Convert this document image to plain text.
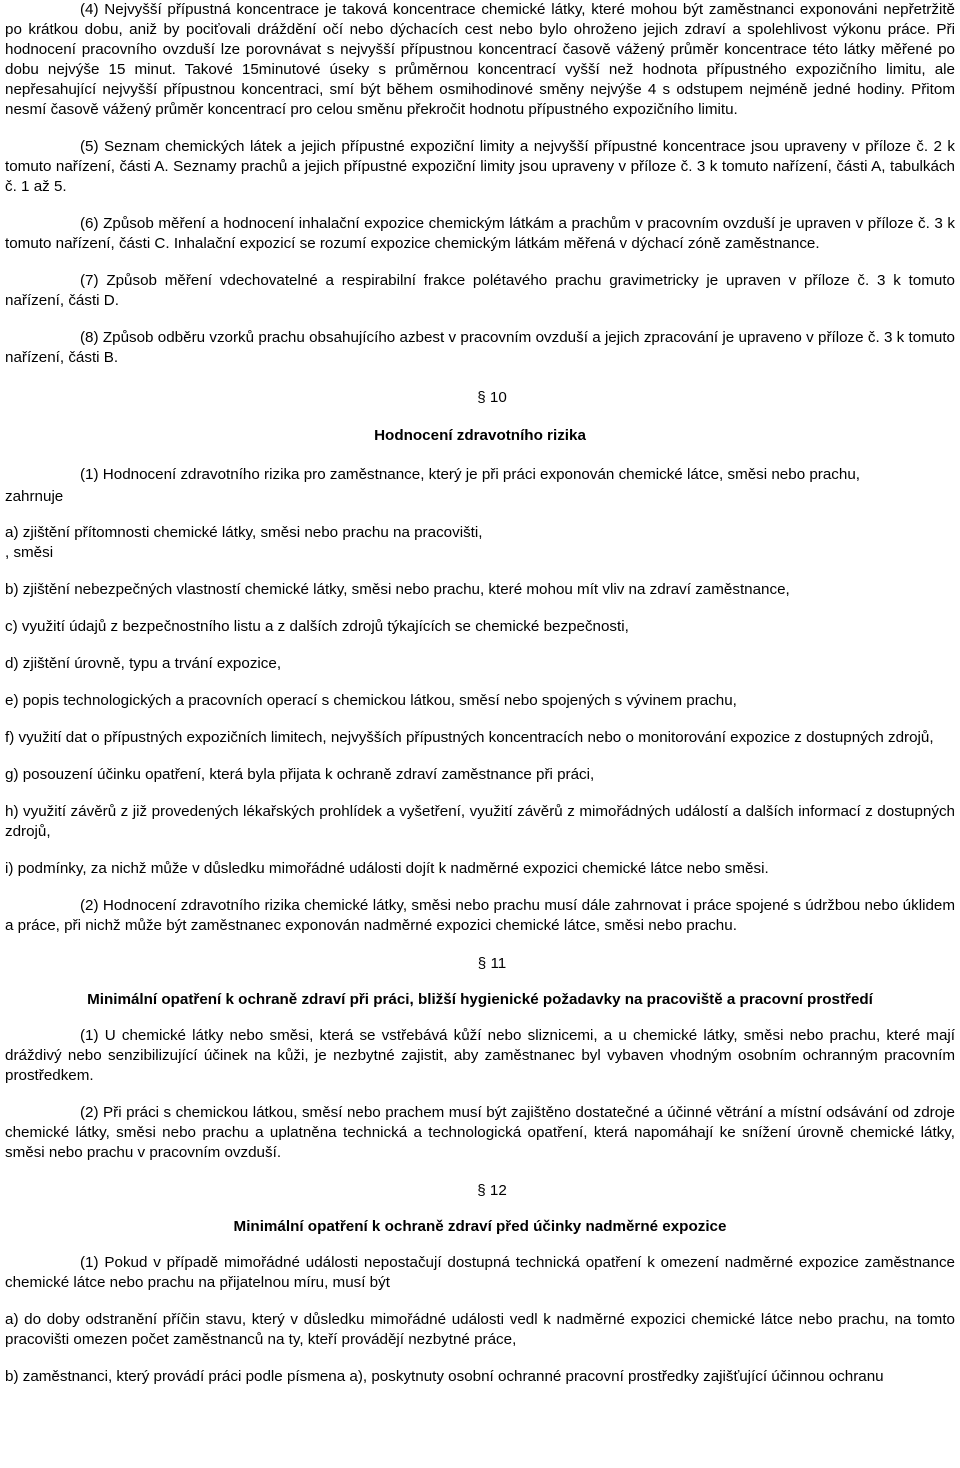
(4) Nejvyšší přípustná koncentrace je taková koncentrace chemické látky, které mohou být zaměstnanci exponováni nepřetržitě po krátkou dobu, aniž by pociťovali dráždění očí nebo dýchacích cest nebo bylo ohroženo jejich zdraví a spolehlivost výkonu práce. Při hodnocení pracovního ovzduší lze porovnávat s nejvyšší přípustnou koncentrací časově vážený průměr koncentrace této látky měřené po dobu nejvýše 15 minut. Takové 15minutové úseky s průměrnou koncentrací vyšší než hodnota přípustného expozičního limitu, ale nepřesahující nejvyšší přípustnou koncentraci, smí být během osmihodinové směny nejvýše 4 s odstupem nejméně jedné hodiny. Přitom nesmí časově vážený průměr koncentrací pro celou směnu překročit hodnotu přípustného expozičního limitu.

(5) Seznam chemických látek a jejich přípustné expoziční limity a nejvyšší přípustné koncentrace jsou upraveny v příloze č. 2 k tomuto nařízení, části A. Seznamy prachů a jejich přípustné expoziční limity jsou upraveny v příloze č. 3 k tomuto nařízení, části A, tabulkách č. 1 až 5.

(6) Způsob měření a hodnocení inhalační expozice chemickým látkám a prachům v pracovním ovzduší je upraven v příloze č. 3 k tomuto nařízení, části C. Inhalační expozicí se rozumí expozice chemickým látkám měřená v dýchací zóně zaměstnance.

(7) Způsob měření vdechovatelné a respirabilní frakce polétavého prachu gravimetricky je upraven v příloze č. 3 k tomuto nařízení, části D.

(8) Způsob odběru vzorků prachu obsahujícího azbest v pracovním ovzduší a jejich zpracování je upraveno v příloze č. 3 k tomuto nařízení, části B.

§ 10

Hodnocení zdravotního rizika

(1) Hodnocení zdravotního rizika pro zaměstnance, který je při práci exponován chemické látce, směsi nebo prachu,

zahrnuje

a) zjištění přítomnosti chemické látky, směsi nebo prachu na pracovišti,

, směsi

b) zjištění nebezpečných vlastností chemické látky, směsi nebo prachu, které mohou mít vliv na zdraví zaměstnance,

c) využití údajů z bezpečnostního listu a z dalších zdrojů týkajících se chemické bezpečnosti,

d) zjištění úrovně, typu a trvání expozice,

e) popis technologických a pracovních operací s chemickou látkou, směsí nebo spojených s vývinem prachu,

f) využití dat o přípustných expozičních limitech, nejvyšších přípustných koncentracích nebo o monitorování expozice z dostupných zdrojů,

g) posouzení účinku opatření, která byla přijata k ochraně zdraví zaměstnance při práci,

h) využití závěrů z již provedených lékařských prohlídek a vyšetření, využití závěrů z mimořádných událostí a dalších informací z dostupných zdrojů,

i) podmínky, za nichž může v důsledku mimořádné události dojít k nadměrné expozici chemické látce nebo směsi.

(2) Hodnocení zdravotního rizika chemické látky, směsi nebo prachu musí dále zahrnovat i práce spojené s údržbou nebo úklidem a práce, při nichž může být zaměstnanec exponován nadměrné expozici chemické látce, směsi nebo prachu.

§ 11

Minimální opatření k ochraně zdraví při práci, bližší hygienické požadavky na pracoviště a pracovní prostředí

(1) U chemické látky nebo směsi, která se vstřebává kůží nebo sliznicemi, a u chemické látky, směsi nebo prachu, které mají dráždivý nebo senzibilizující účinek na kůži, je nezbytné zajistit, aby zaměstnanec byl vybaven vhodným osobním ochranným pracovním prostředkem.

(2) Při práci s chemickou látkou, směsí nebo prachem musí být zajištěno dostatečné a účinné větrání a místní odsávání od zdroje chemické látky, směsi nebo prachu a uplatněna technická a technologická opatření, která napomáhají ke snížení úrovně chemické látky, směsi nebo prachu v pracovním ovzduší.

§ 12

Minimální opatření k ochraně zdraví před účinky nadměrné expozice

(1) Pokud v případě mimořádné události nepostačují dostupná technická opatření k omezení nadměrné expozice zaměstnance chemické látce nebo prachu na přijatelnou míru, musí být

a) do doby odstranění příčin stavu, který v důsledku mimořádné události vedl k nadměrné expozici chemické látce nebo prachu, na tomto pracovišti omezen počet zaměstnanců na ty, kteří provádějí nezbytné práce,

b) zaměstnanci, který provádí práci podle písmena a), poskytnuty osobní ochranné pracovní prostředky zajišťující účinnou ochranu
